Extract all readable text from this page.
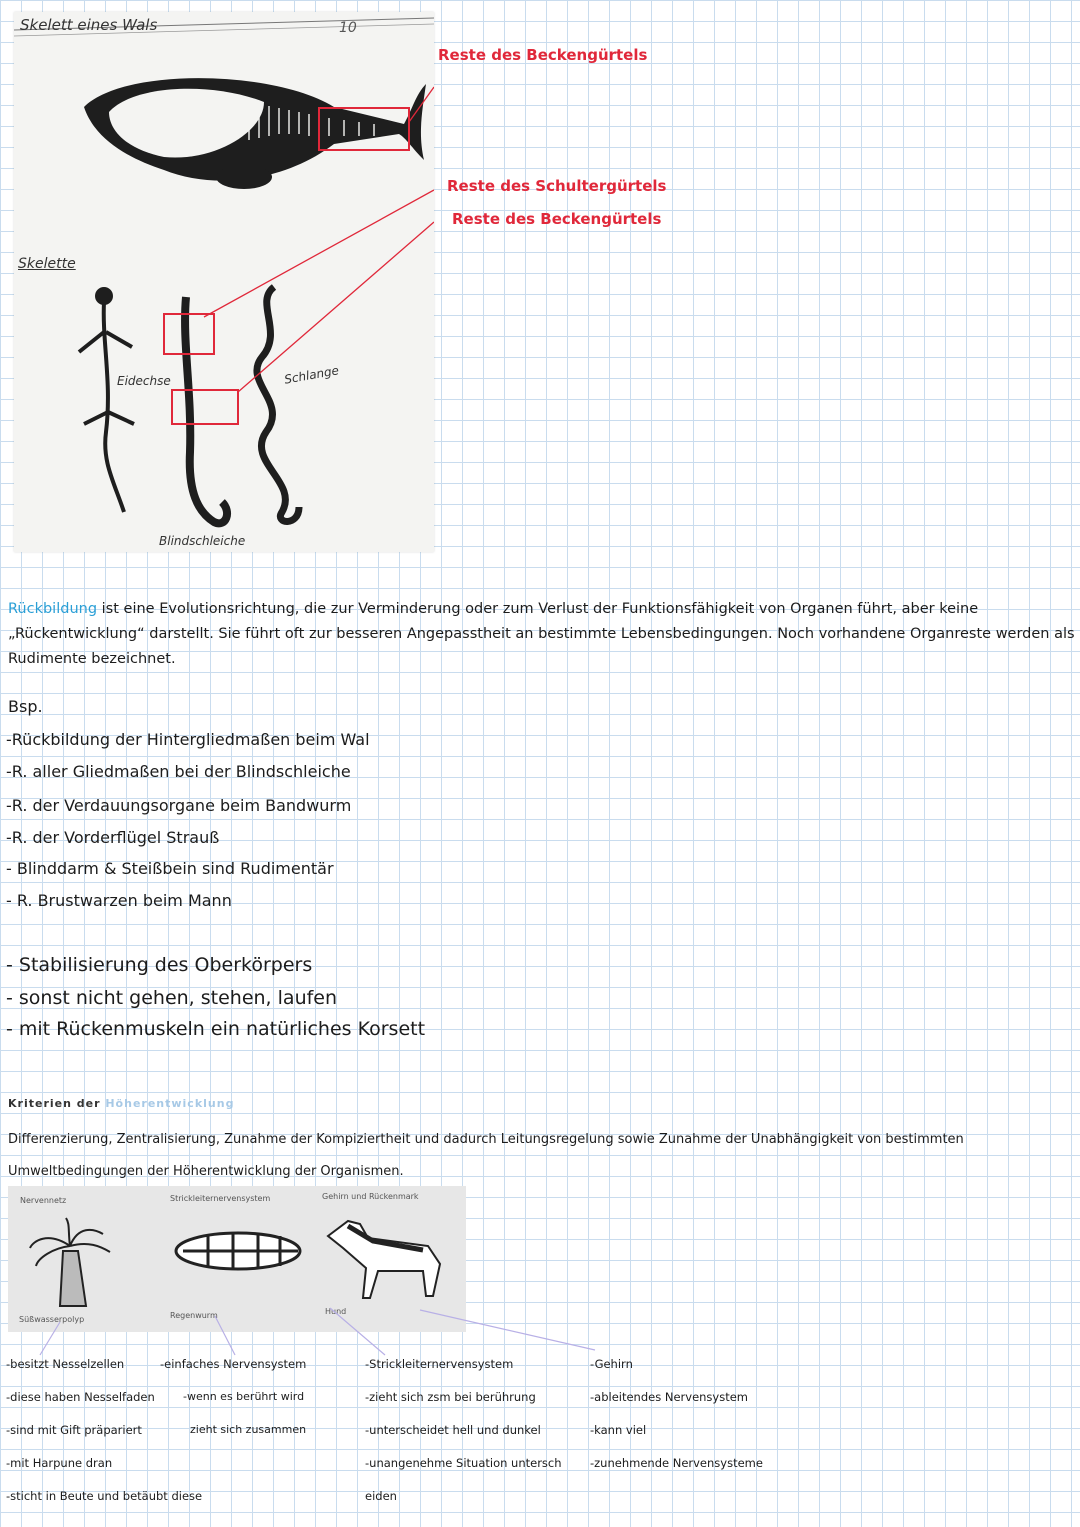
Skelett eines Wals	10
Skelette
Eidechse	Schlange
Blindschleiche
Reste des Beckengürtels
Reste des Schultergürtels
Reste des Beckengürtels
Rückbildung ist eine Evolutionsrichtung, die zur Verminderung oder zum Verlust der Funktionsfähigkeit von Organen führt, aber keine „Rückentwicklung“ darstellt. Sie führt oft zur besseren Angepasstheit an bestimmte Lebensbedingungen. Noch vorhandene Organreste werden als Rudimente bezeichnet.
Bsp.
-Rückbildung der Hintergliedmaßen beim Wal
-R. aller Gliedmaßen bei der Blindschleiche
-R. der Verdauungsorgane beim Bandwurm
-R. der Vorderflügel Strauß
- Blinddarm & Steißbein sind Rudimentär
- R. Brustwarzen beim Mann
- Stabilisierung des Oberkörpers
- sonst nicht gehen, stehen, laufen
- mit Rückenmuskeln ein natürliches Korsett
Kriterien der Höherentwicklung
Differenzierung, Zentralisierung, Zunahme der Kompiziertheit und dadurch Leitungsregelung sowie Zunahme der Unabhängigkeit von bestimmten Umweltbedingungen der Höherentwicklung der Organismen.
Nervennetz	Strickleiternervensystem	Gehirn und Rückenmark
Süßwasserpolyp	Regenwurm	Hund
-besitzt Nesselzellen
-diese haben Nesselfaden
-sind mit Gift präpariert
-mit Harpune dran
-sticht in Beute und betäubt diese
-einfaches Nervensystem
-wenn es berührt wird
zieht sich zusammen
-Strickleiternervensystem
-zieht sich zsm bei berührung
-unterscheidet hell und dunkel
-unangenehme Situation untersch
eiden
-Gehirn
-ableitendes Nervensystem
-kann viel
-zunehmende Nervensysteme
